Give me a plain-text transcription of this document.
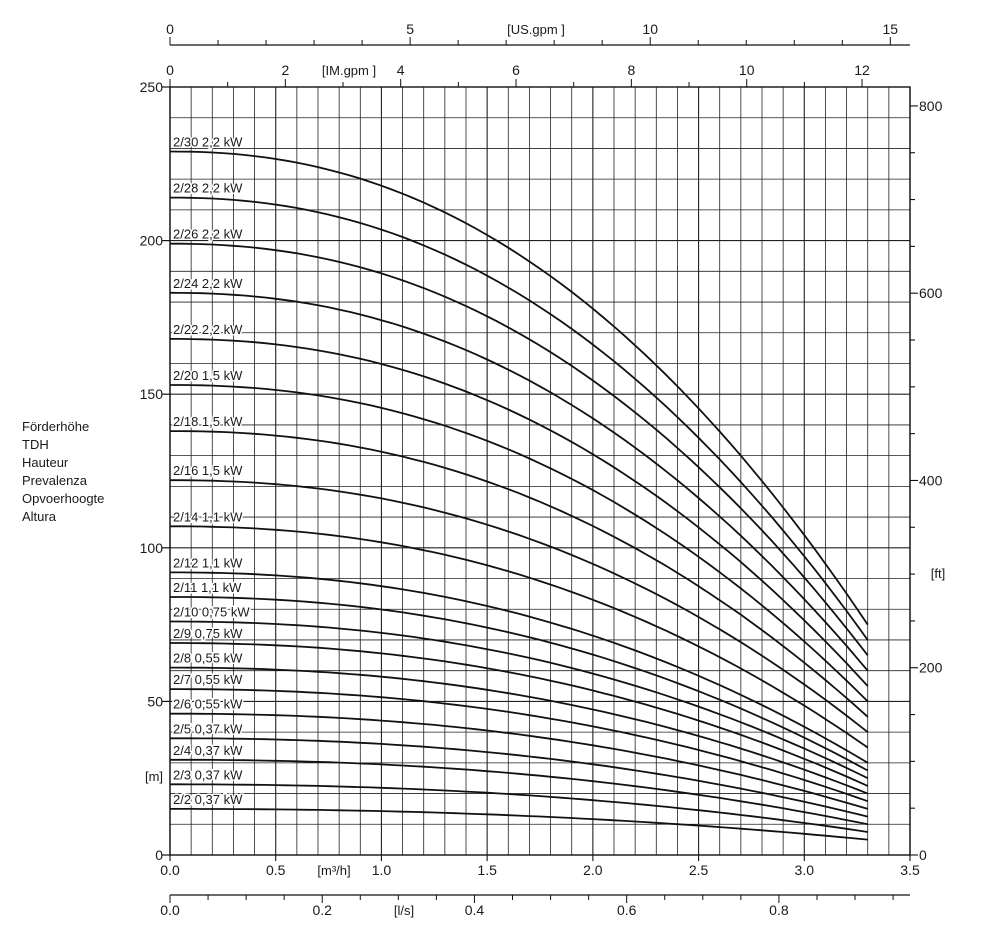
0
50
100
150
200
250
[m]
0
200
400
600
800
[ft]
0.0	0.5	1.0	1.5	2.0	2.5	3.0	3.5
[m³/h]
0.0	0.2	0.4	0.6	0.8
[l/s]
0	5	10	15
[US.gpm ]
0	2	4	6	8	10	12
[IM.gpm ]
2/30 2,2 kW
2/28 2,2 kW
2/26 2,2 kW
2/24 2,2 kW
2/22 2,2 kW
2/20 1,5 kW
2/18 1,5 kW
2/16 1,5 kW
2/14 1,1 kW
2/12 1,1 kW
2/11 1,1 kW
2/10 0,75 kW
2/9 0,75 kW
2/8 0,55 kW
2/7 0,55 kW
2/6 0,55 kW
2/5 0,37 kW
2/4 0,37 kW
2/3 0,37 kW
2/2 0,37 kW
Förderhöhe
TDH
Hauteur
Prevalenza
Opvoerhoogte
Altura
